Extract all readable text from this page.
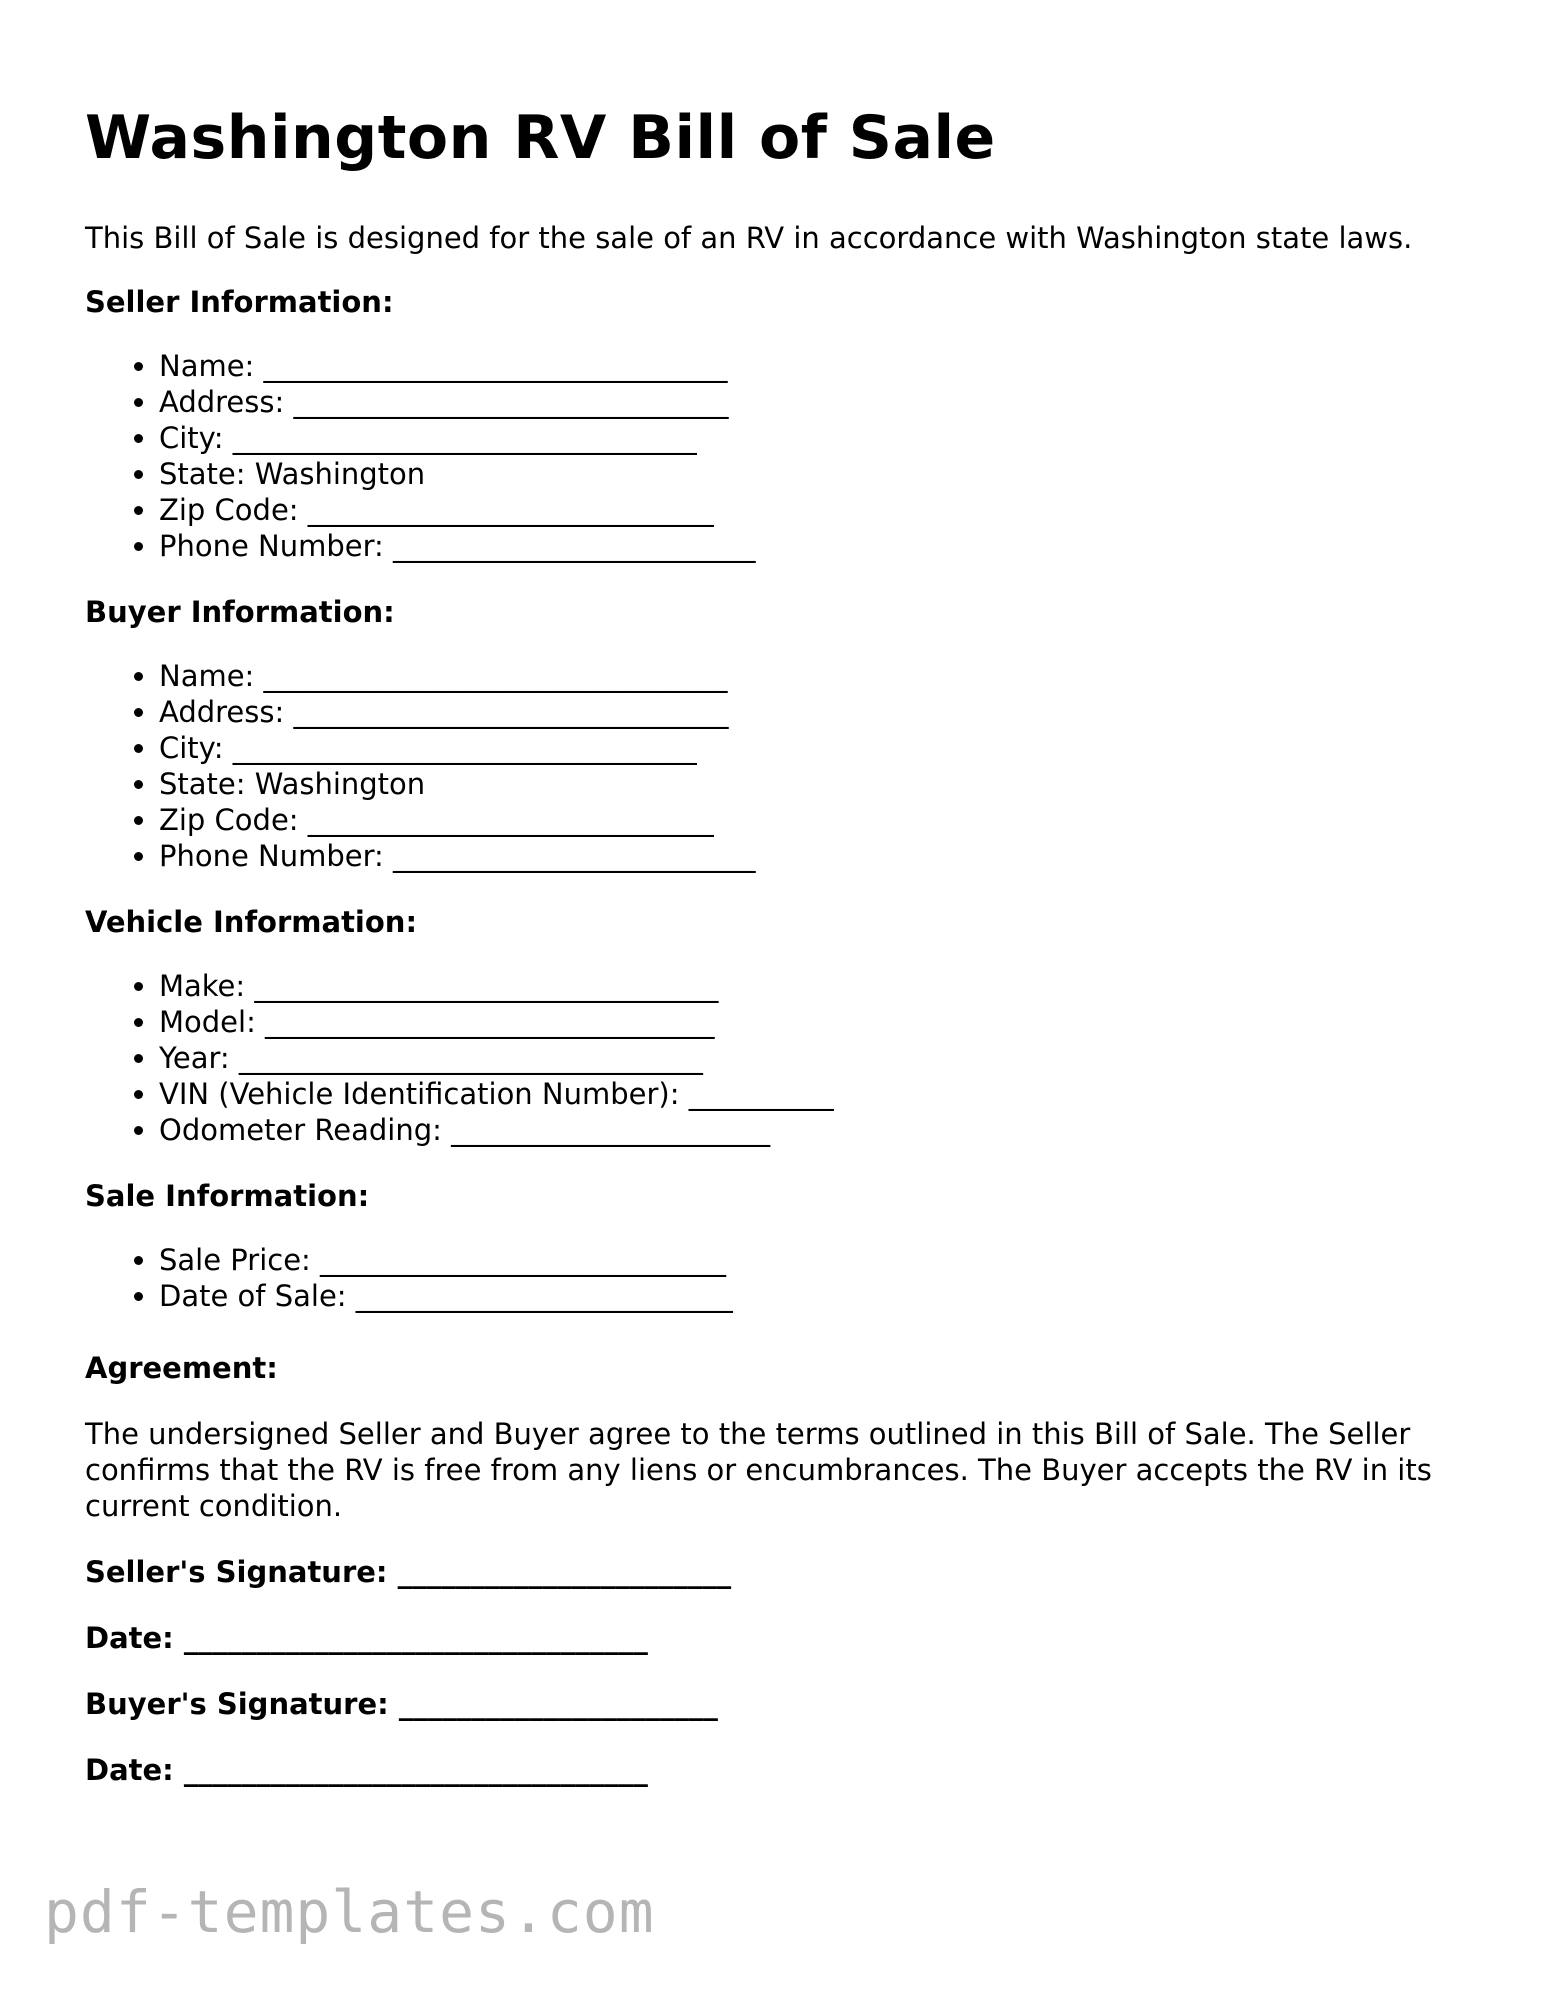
Washington RV Bill of Sale

This Bill of Sale is designed for the sale of an RV in accordance with Washington state laws.

Seller Information:

• Name: ________________________________
• Address: ______________________________
• City: ________________________________
• State: Washington
• Zip Code: ____________________________
• Phone Number: _________________________

Buyer Information:

• Name: ________________________________
• Address: ______________________________
• City: ________________________________
• State: Washington
• Zip Code: ____________________________
• Phone Number: _________________________

Vehicle Information:

• Make: ________________________________
• Model: _______________________________
• Year: ________________________________
• VIN (Vehicle Identification Number): __________
• Odometer Reading: ______________________

Sale Information:

• Sale Price: ____________________________
• Date of Sale: __________________________

Agreement:

The undersigned Seller and Buyer agree to the terms outlined in this Bill of Sale. The Seller confirms that the RV is free from any liens or encumbrances. The Buyer accepts the RV in its current condition.

Seller's Signature: _______________________

Date: ________________________________

Buyer's Signature: ______________________

Date: ________________________________

pdf-templates.com
